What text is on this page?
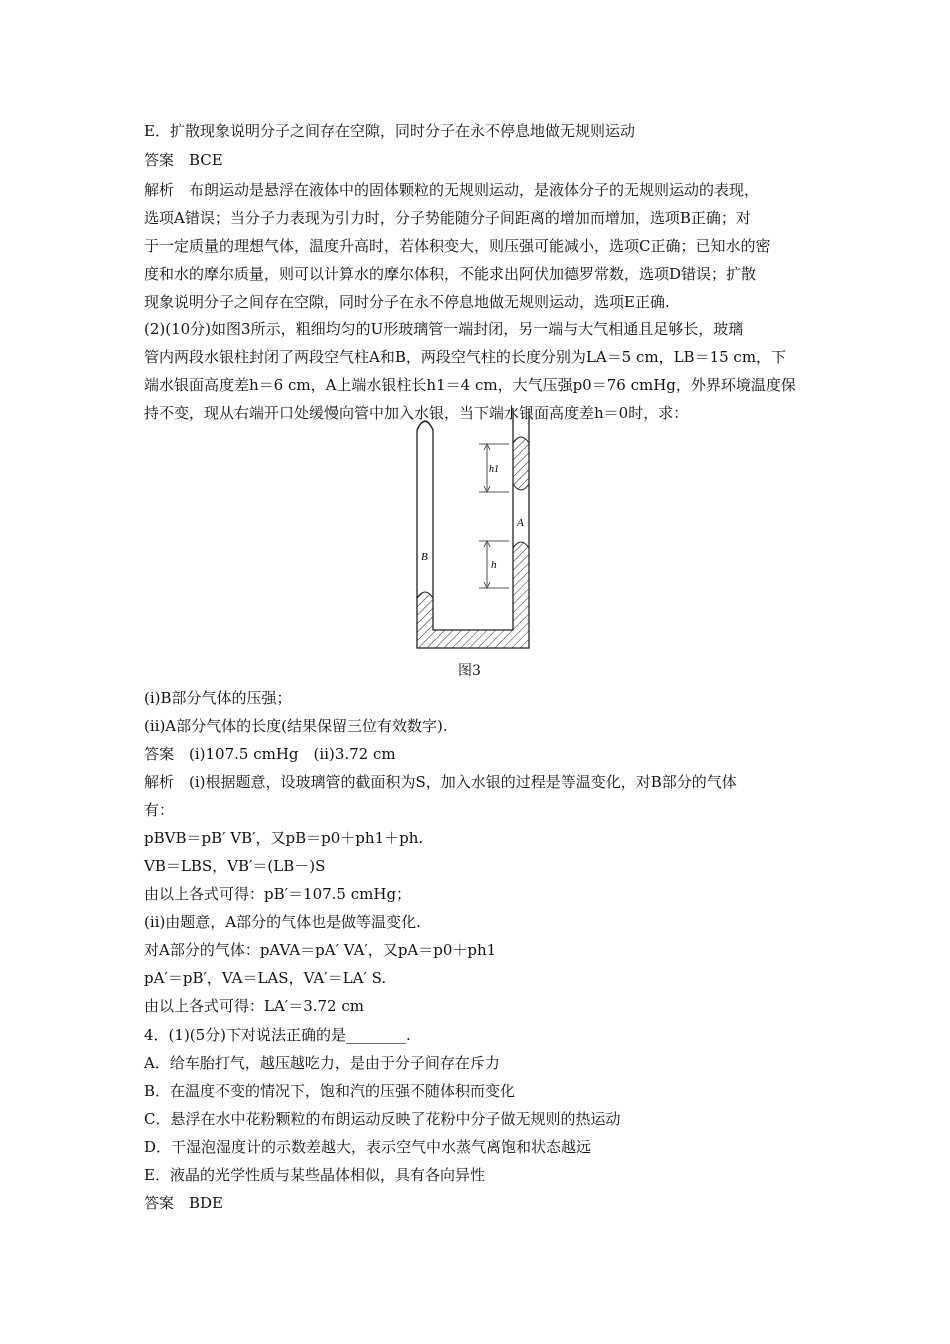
E．扩散现象说明分子之间存在空隙，同时分子在永不停息地做无规则运动
答案　BCE
解析　布朗运动是悬浮在液体中的固体颗粒的无规则运动，是液体分子的无规则运动的表现，
选项A错误；当分子力表现为引力时，分子势能随分子间距离的增加而增加，选项B正确；对
于一定质量的理想气体，温度升高时，若体积变大，则压强可能减小，选项C正确；已知水的密
度和水的摩尔质量，则可以计算水的摩尔体积，不能求出阿伏加德罗常数，选项D错误；扩散
现象说明分子之间存在空隙，同时分子在永不停息地做无规则运动，选项E正确.
(2)(10分)如图3所示，粗细均匀的U形玻璃管一端封闭，另一端与大气相通且足够长，玻璃
管内两段水银柱封闭了两段空气柱A和B，两段空气柱的长度分别为LA＝5 cm，LB＝15 cm，下
端水银面高度差h＝6 cm，A上端水银柱长h1＝4 cm，大气压强p0＝76 cmHg，外界环境温度保
持不变，现从右端开口处缓慢向管中加入水银，当下端水银面高度差h＝0时，求：
h1
h
A
B
图3
(ⅰ)B部分气体的压强；
(ⅱ)A部分气体的长度(结果保留三位有效数字).
答案　(ⅰ)107.5 cmHg　(ⅱ)3.72 cm
解析　(ⅰ)根据题意，设玻璃管的截面积为S，加入水银的过程是等温变化，对B部分的气体
有：
pBVB＝pB′ VB′，又pB＝p0＋ph1＋ph.
VB＝LBS，VB′＝(LB－)S
由以上各式可得：pB′＝107.5 cmHg；
(ⅱ)由题意，A部分的气体也是做等温变化.
对A部分的气体：pAVA＝pA′ VA′，又pA＝p0＋ph1
pA′＝pB′，VA＝LAS，VA′＝LA′ S.
由以上各式可得：LA′＝3.72 cm
4．(1)(5分)下对说法正确的是________.
A．给车胎打气，越压越吃力，是由于分子间存在斥力
B．在温度不变的情况下，饱和汽的压强不随体积而变化
C．悬浮在水中花粉颗粒的布朗运动反映了花粉中分子做无规则的热运动
D．干湿泡湿度计的示数差越大，表示空气中水蒸气离饱和状态越远
E．液晶的光学性质与某些晶体相似，具有各向异性
答案　BDE
